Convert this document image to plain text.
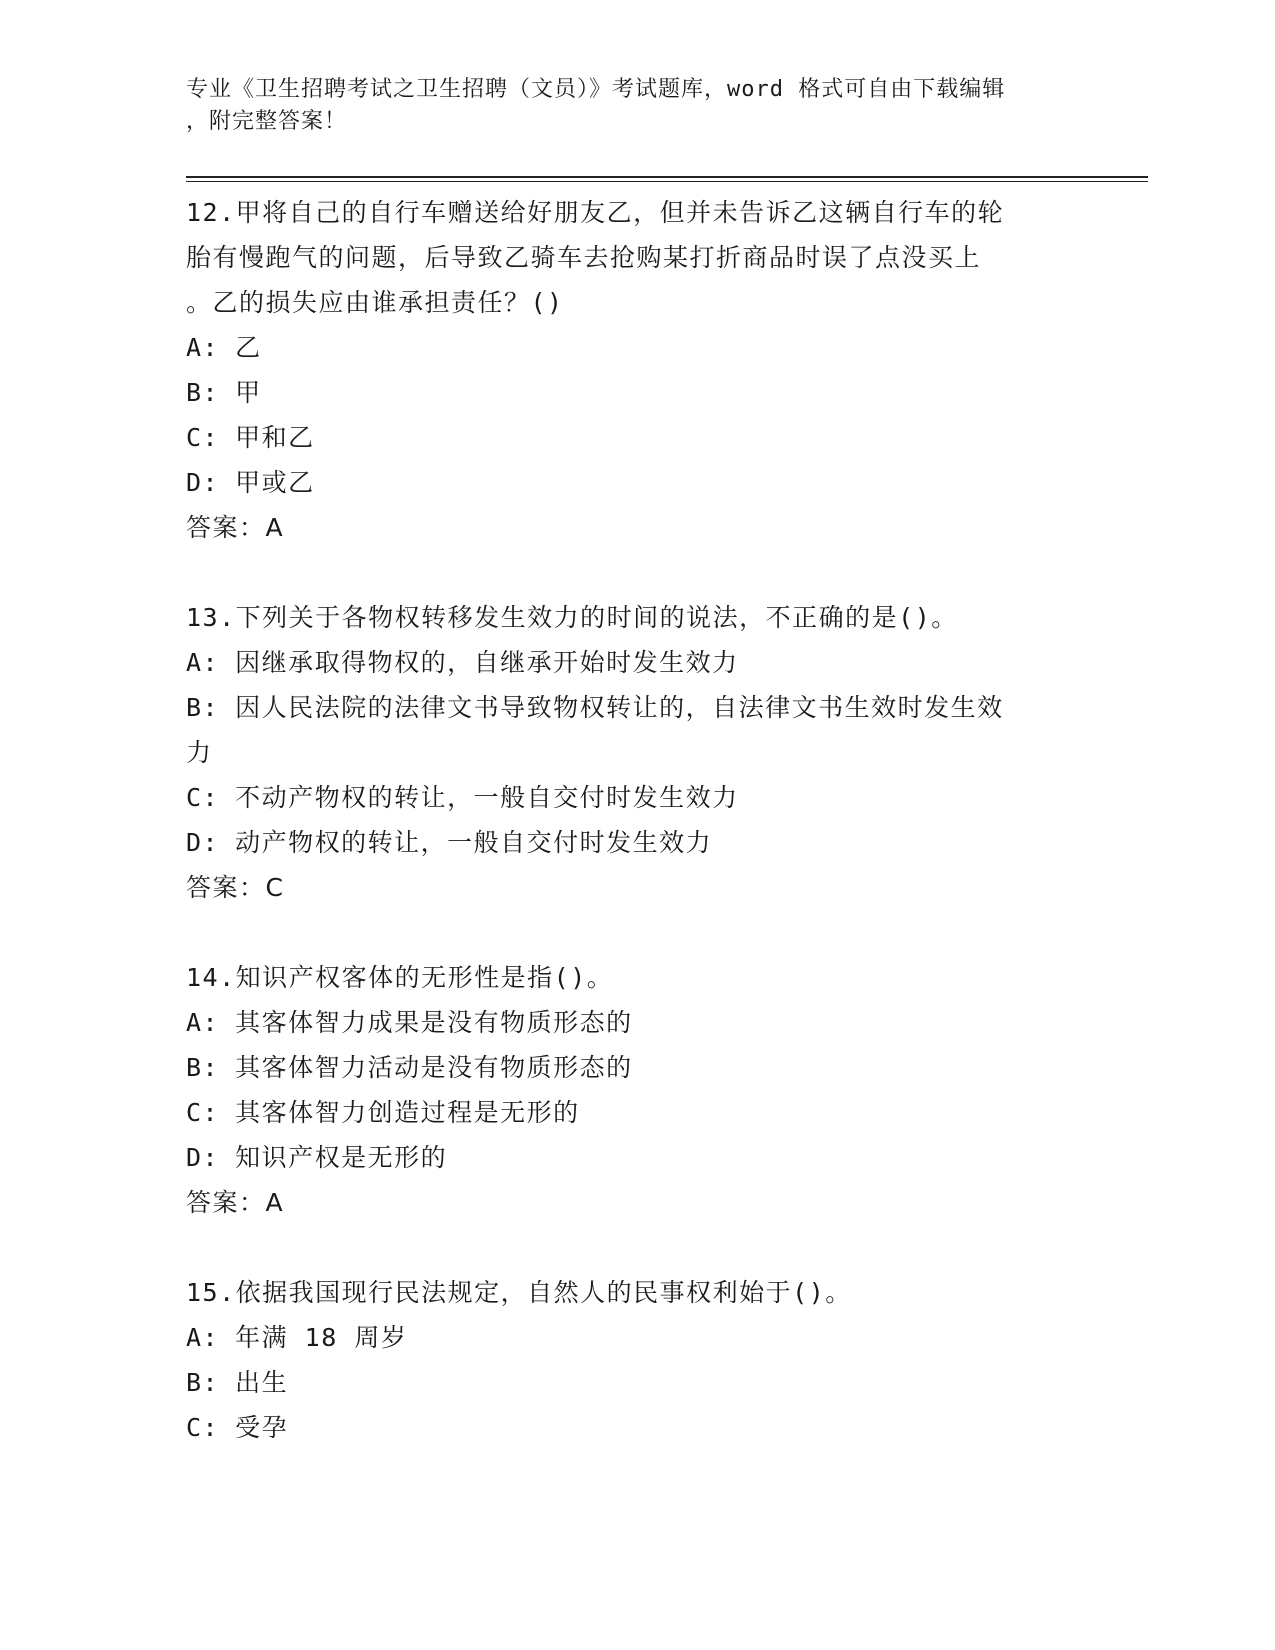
专业《卫生招聘考试之卫生招聘（文员）》考试题库，word 格式可自由下载编辑
，附完整答案！
12.甲将自己的自行车赠送给好朋友乙，但并未告诉乙这辆自行车的轮
胎有慢跑气的问题，后导致乙骑车去抢购某打折商品时误了点没买上
。乙的损失应由谁承担责任？()
A: 乙
B: 甲
C: 甲和乙
D: 甲或乙
答案：A
13.下列关于各物权转移发生效力的时间的说法，不正确的是()。
A: 因继承取得物权的，自继承开始时发生效力
B: 因人民法院的法律文书导致物权转让的，自法律文书生效时发生效
力
C: 不动产物权的转让，一般自交付时发生效力
D: 动产物权的转让，一般自交付时发生效力
答案：C
14.知识产权客体的无形性是指()。
A: 其客体智力成果是没有物质形态的
B: 其客体智力活动是没有物质形态的
C: 其客体智力创造过程是无形的
D: 知识产权是无形的
答案：A
15.依据我国现行民法规定，自然人的民事权利始于()。
A: 年满 18 周岁
B: 出生
C: 受孕
